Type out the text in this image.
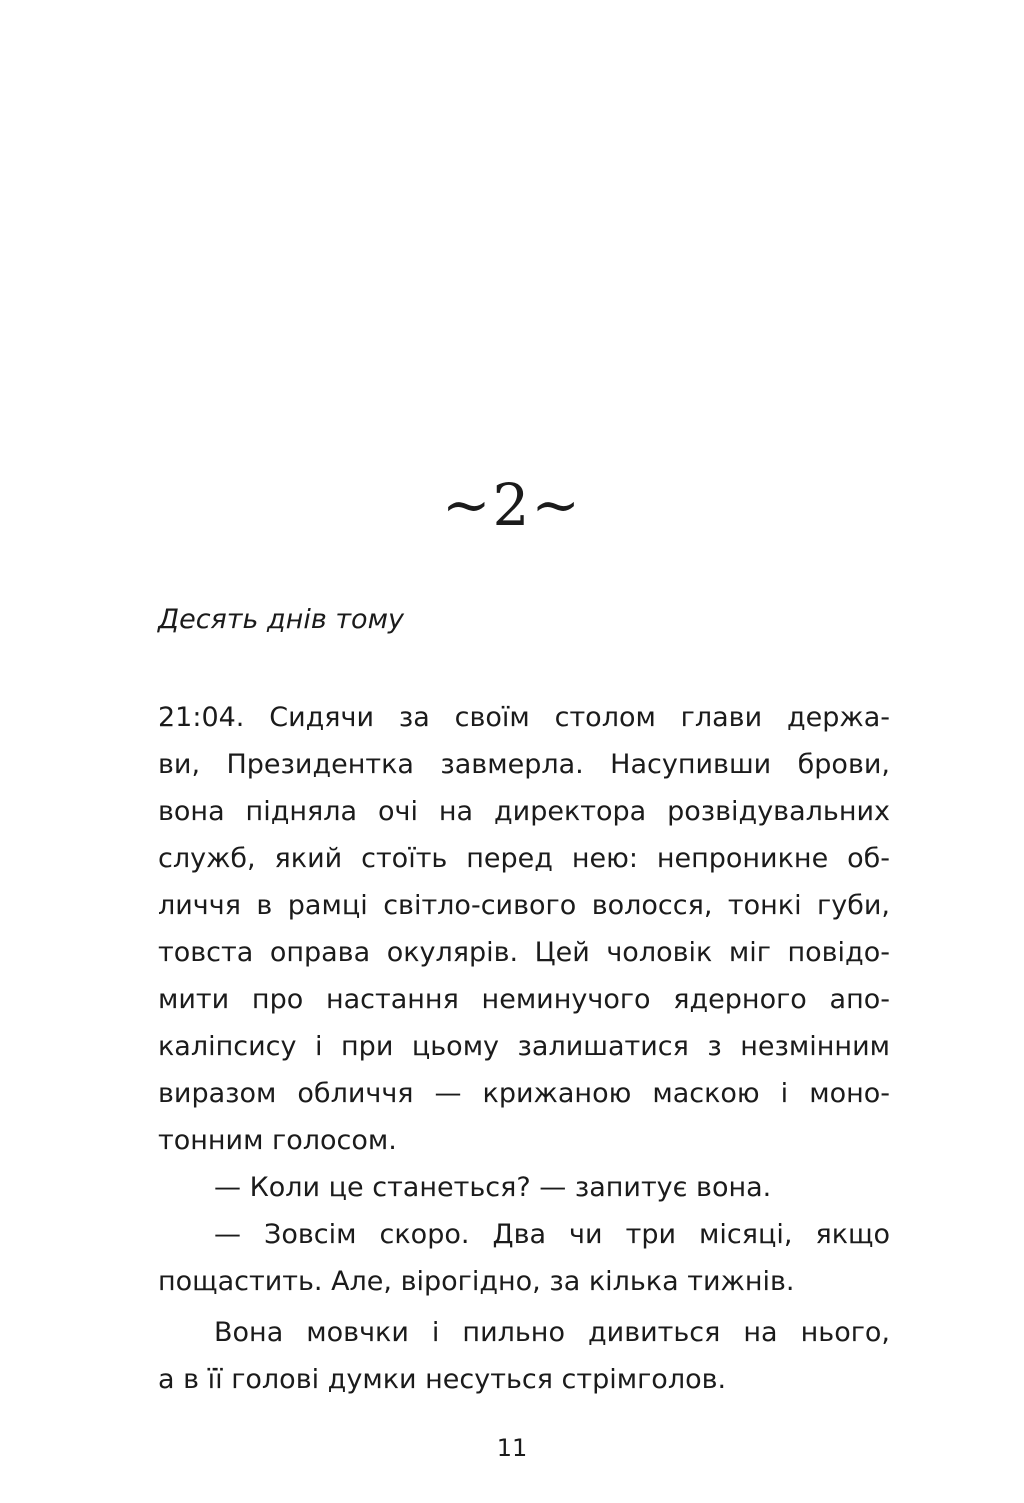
~2~
Десять днів тому
21:04. Сидячи за своїм столом глави держа-
ви, Президентка завмерла. Насупивши брови,
вона підняла очі на директора розвідувальних
служб, який стоїть перед нею: непроникне об-
личчя в рамці світло-сивого волосся, тонкі губи,
товста оправа окулярів. Цей чоловік міг повідо-
мити про настання неминучого ядерного апо-
каліпсису і при цьому залишатися з незмінним
виразом обличчя — крижаною маскою і моно-
тонним голосом.
— Коли це станеться? — запитує вона.
— Зовсім скоро. Два чи три місяці, якщо
пощастить. Але, вірогідно, за кілька тижнів.
Вона мовчки і пильно дивиться на нього,
а в її голові думки несуться стрімголов.
11
